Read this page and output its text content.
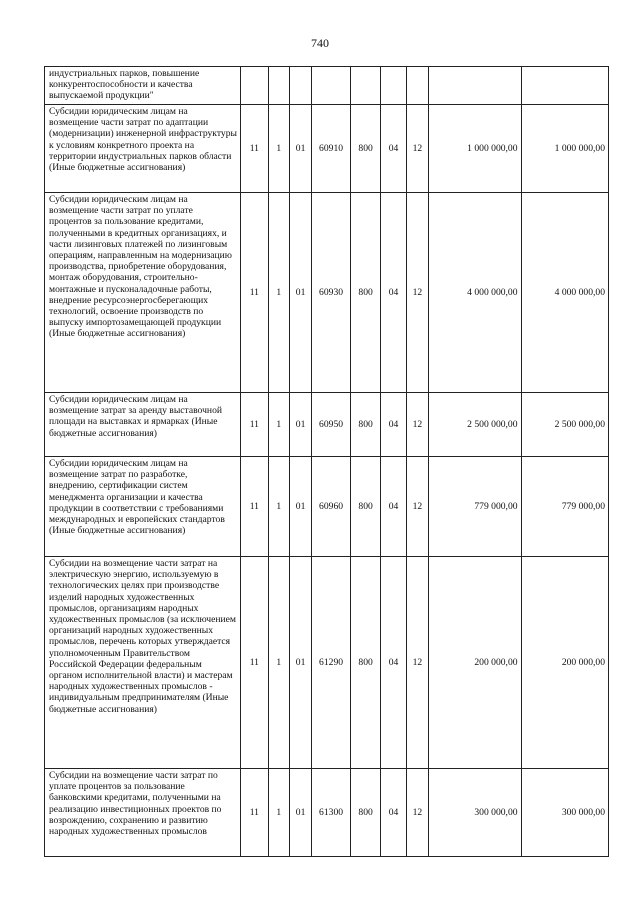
740
индустриальных парков, повышение конкурентоспособности и качества выпускаемой продукции"									
Субсидии юридическим лицам на возмещение части затрат по адаптации (модернизации) инженерной инфраструктуры к условиям конкретного проекта на территории индустриальных парков области (Иные бюджетные ассигнования)	11	1	01	60910	800	04	12	1 000 000,00	1 000 000,00
Субсидии юридическим лицам на возмещение части затрат по уплате процентов за пользование кредитами, полученными в кредитных организациях, и части лизинговых платежей по лизинговым операциям, направленным на модернизацию производства, приобретение оборудования, монтаж оборудования, строительно-монтажные и пусконаладочные работы, внедрение ресурсоэнергосберегающих технологий, освоение производств по выпуску импортозамещающей продукции (Иные бюджетные ассигнования)	11	1	01	60930	800	04	12	4 000 000,00	4 000 000,00
Субсидии юридическим лицам на возмещение затрат за аренду выставочной площади на выставках и ярмарках (Иные бюджетные ассигнования)	11	1	01	60950	800	04	12	2 500 000,00	2 500 000,00
Субсидии юридическим лицам на возмещение затрат по разработке, внедрению, сертификации систем менеджмента организации и качества продукции в соответствии с требованиями международных и европейских стандартов (Иные бюджетные ассигнования)	11	1	01	60960	800	04	12	779 000,00	779 000,00
Субсидии на возмещение части затрат на электрическую энергию, используемую в технологических целях при производстве изделий народных художественных промыслов, организациям народных художественных промыслов (за исключением организаций народных художественных промыслов, перечень которых утверждается уполномоченным Правительством Российской Федерации федеральным органом исполнительной власти) и мастерам народных художественных промыслов - индивидуальным предпринимателям (Иные бюджетные ассигнования)	11	1	01	61290	800	04	12	200 000,00	200 000,00
Субсидии на возмещение части затрат по уплате процентов за пользование банковскими кредитами, полученными на реализацию инвестиционных проектов по возрождению, сохранению и развитию народных художественных промыслов	11	1	01	61300	800	04	12	300 000,00	300 000,00
